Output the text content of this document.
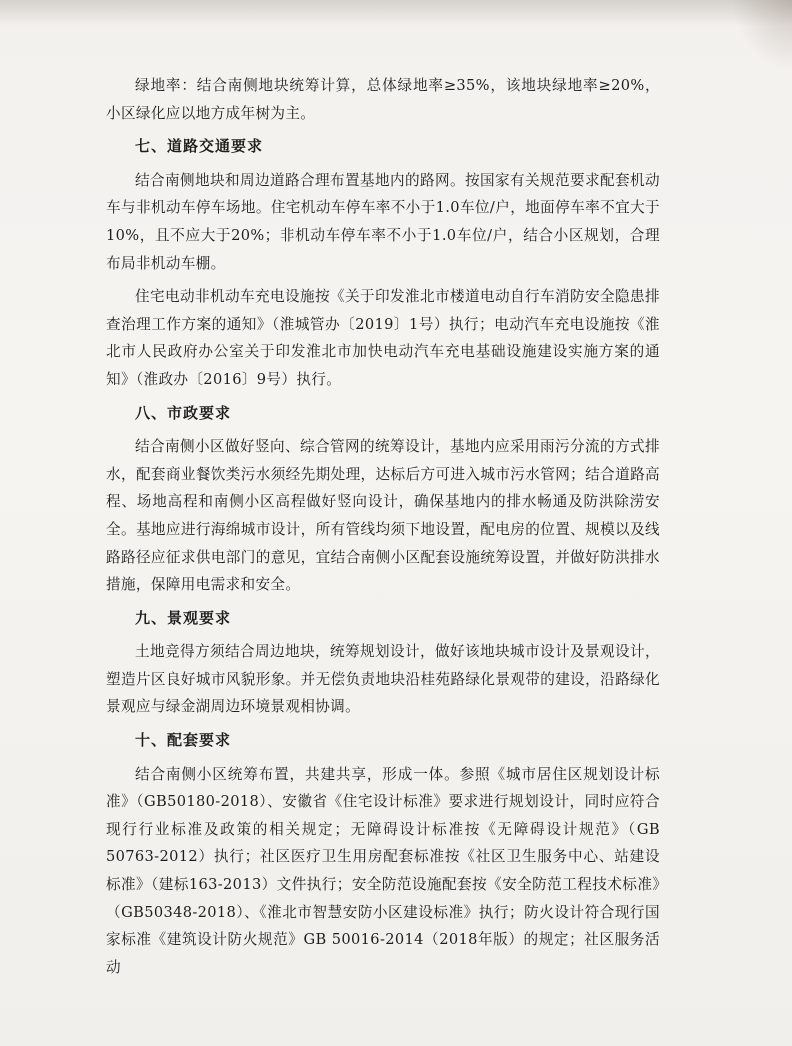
绿地率：结合南侧地块统筹计算，总体绿地率≥35%，该地块绿地率≥20%，小区绿化应以地方成年树为主。

七、道路交通要求

结合南侧地块和周边道路合理布置基地内的路网。按国家有关规范要求配套机动车与非机动车停车场地。住宅机动车停车率不小于1.0车位/户，地面停车率不宜大于10%，且不应大于20%；非机动车停车率不小于1.0车位/户，结合小区规划，合理布局非机动车棚。

住宅电动非机动车充电设施按《关于印发淮北市楼道电动自行车消防安全隐患排查治理工作方案的通知》（淮城管办〔2019〕1号）执行；电动汽车充电设施按《淮北市人民政府办公室关于印发淮北市加快电动汽车充电基础设施建设实施方案的通知》（淮政办〔2016〕9号）执行。

八、市政要求

结合南侧小区做好竖向、综合管网的统筹设计，基地内应采用雨污分流的方式排水，配套商业餐饮类污水须经先期处理，达标后方可进入城市污水管网；结合道路高程、场地高程和南侧小区高程做好竖向设计，确保基地内的排水畅通及防洪除涝安全。基地应进行海绵城市设计，所有管线均须下地设置，配电房的位置、规模以及线路路径应征求供电部门的意见，宜结合南侧小区配套设施统筹设置，并做好防洪排水措施，保障用电需求和安全。

九、景观要求

土地竞得方须结合周边地块，统筹规划设计，做好该地块城市设计及景观设计，塑造片区良好城市风貌形象。并无偿负责地块沿桂苑路绿化景观带的建设，沿路绿化景观应与绿金湖周边环境景观相协调。

十、配套要求

结合南侧小区统筹布置，共建共享，形成一体。参照《城市居住区规划设计标准》（GB50180-2018）、安徽省《住宅设计标准》要求进行规划设计，同时应符合现行行业标准及政策的相关规定；无障碍设计标准按《无障碍设计规范》（GB 50763-2012）执行；社区医疗卫生用房配套标准按《社区卫生服务中心、站建设标准》（建标163-2013）文件执行；安全防范设施配套按《安全防范工程技术标准》（GB50348-2018）、《淮北市智慧安防小区建设标准》执行；防火设计符合现行国家标准《建筑设计防火规范》GB 50016-2014（2018年版）的规定；社区服务活动
